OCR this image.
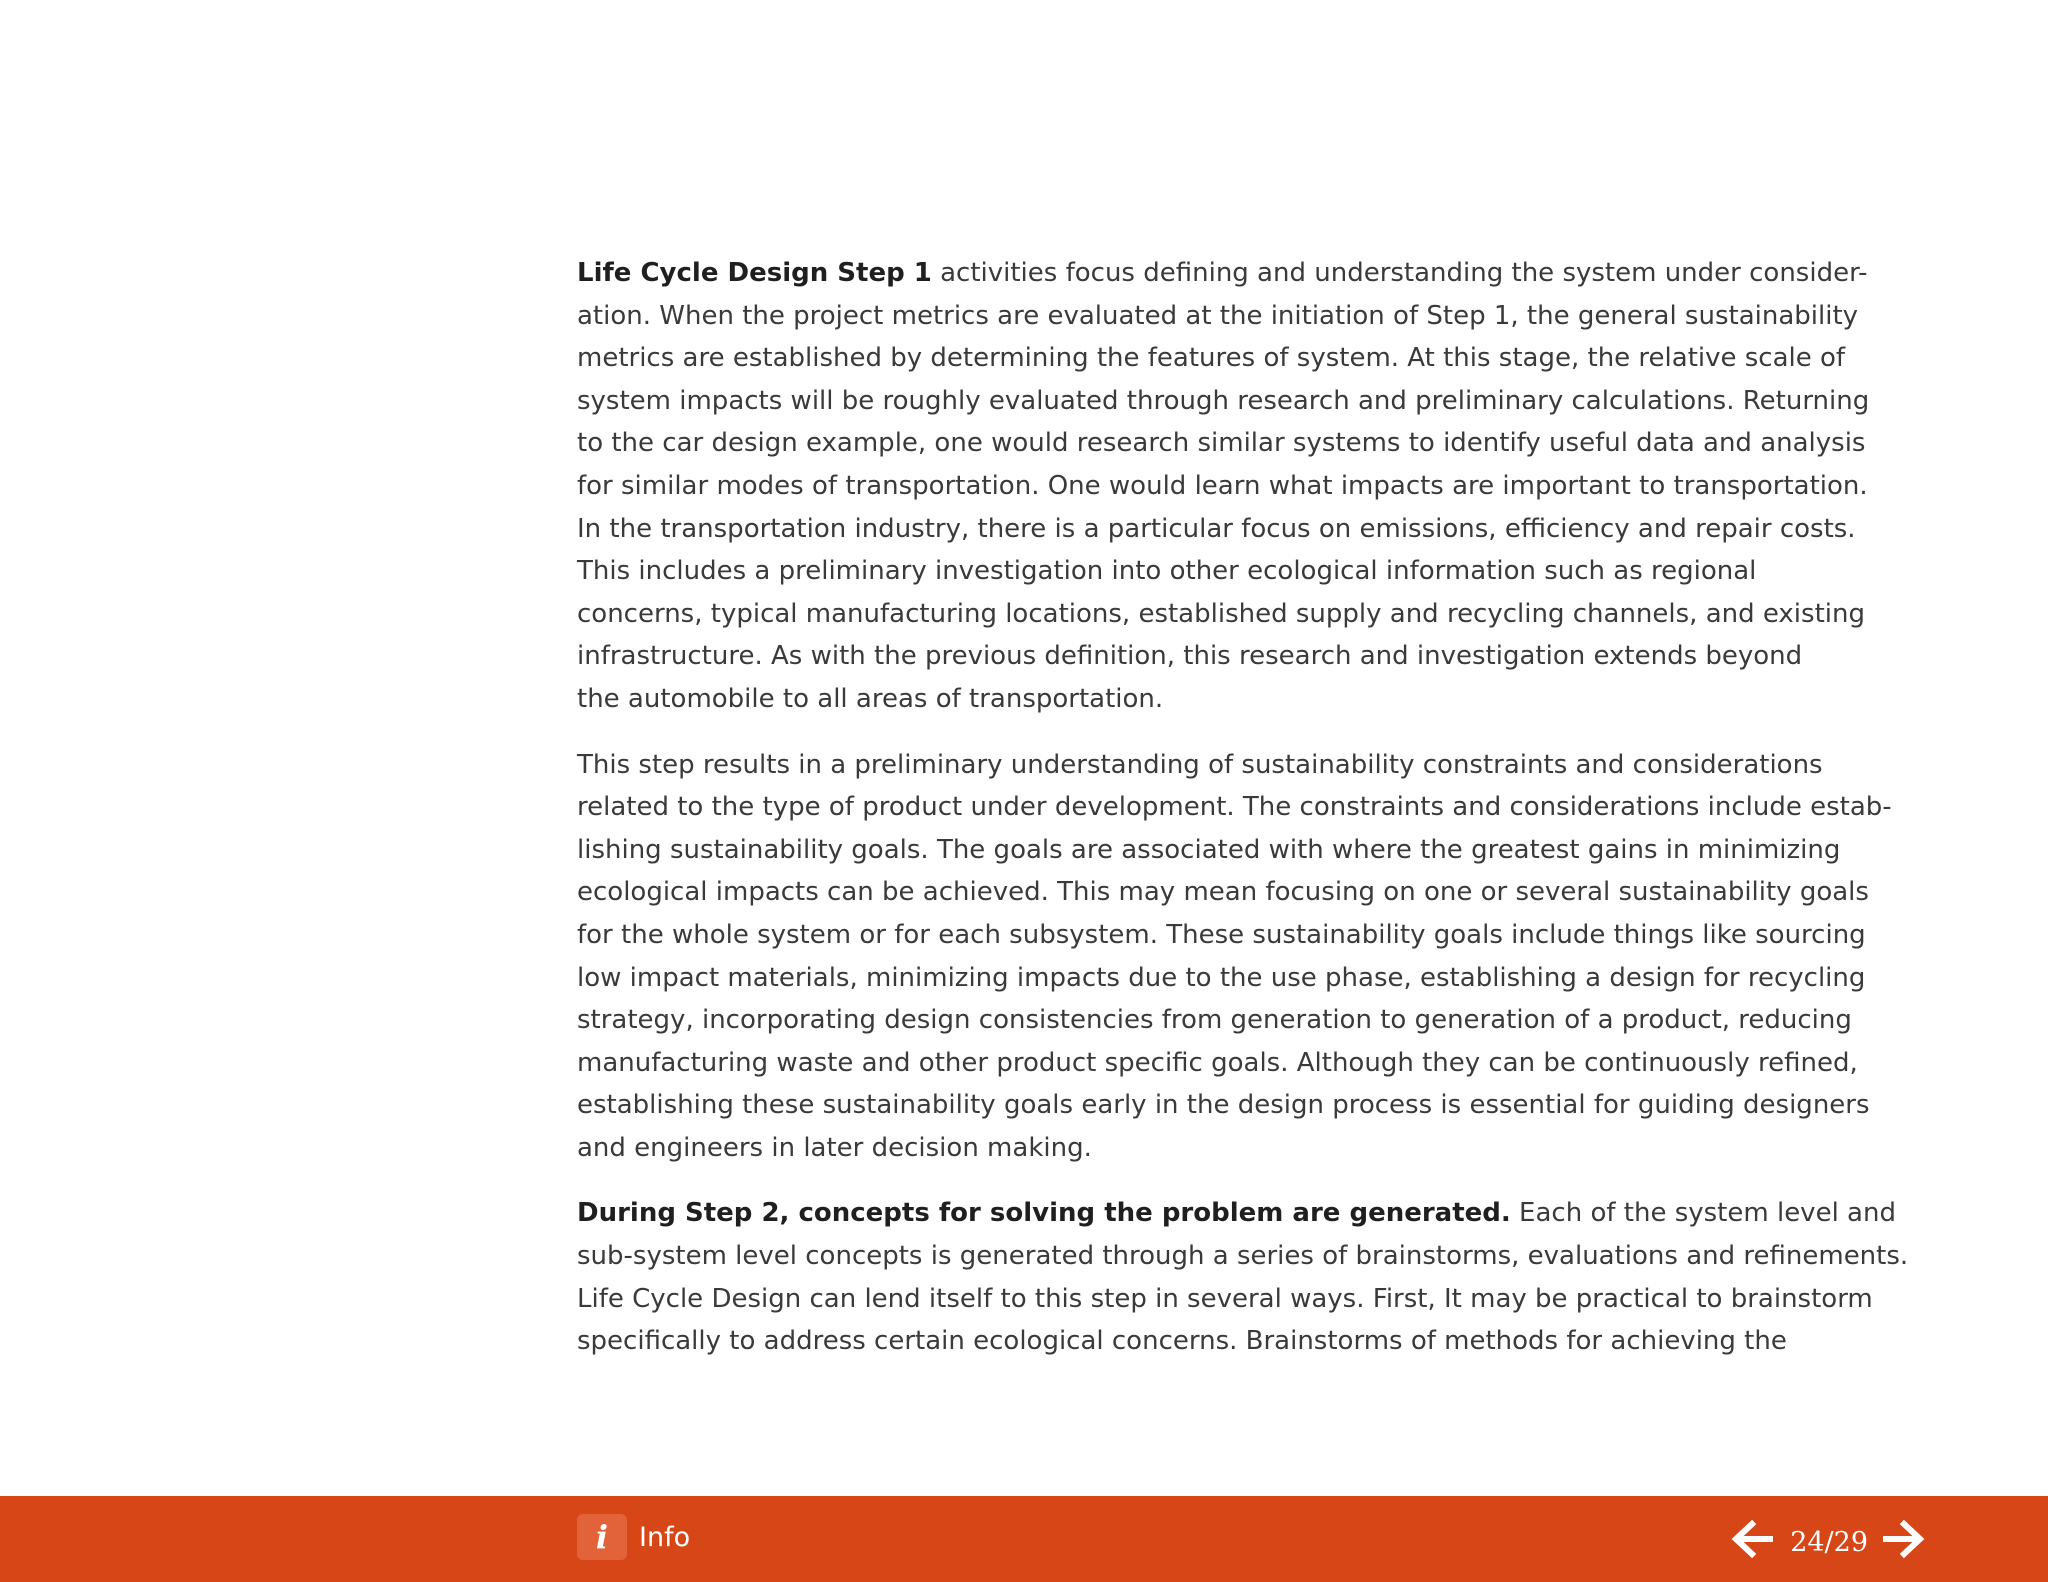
Life Cycle Design Step 1 activities focus defining and understanding the system under consider-
ation. When the project metrics are evaluated at the initiation of Step 1, the general sustainability
metrics are established by determining the features of system. At this stage, the relative scale of
system impacts will be roughly evaluated through research and preliminary calculations. Returning
to the car design example, one would research similar systems to identify useful data and analysis
for similar modes of transportation. One would learn what impacts are important to transportation.
In the transportation industry, there is a particular focus on emissions, efficiency and repair costs.
This includes a preliminary investigation into other ecological information such as regional
concerns, typical manufacturing locations, established supply and recycling channels, and existing
infrastructure. As with the previous definition, this research and investigation extends beyond
the automobile to all areas of transportation.

This step results in a preliminary understanding of sustainability constraints and considerations
related to the type of product under development. The constraints and considerations include estab-
lishing sustainability goals. The goals are associated with where the greatest gains in minimizing
ecological impacts can be achieved. This may mean focusing on one or several sustainability goals
for the whole system or for each subsystem. These sustainability goals include things like sourcing
low impact materials, minimizing impacts due to the use phase, establishing a design for recycling
strategy, incorporating design consistencies from generation to generation of a product, reducing
manufacturing waste and other product specific goals. Although they can be continuously refined,
establishing these sustainability goals early in the design process is essential for guiding designers
and engineers in later decision making.

During Step 2, concepts for solving the problem are generated. Each of the system level and
sub-system level concepts is generated through a series of brainstorms, evaluations and refinements.
Life Cycle Design can lend itself to this step in several ways. First, It may be practical to brainstorm
specifically to address certain ecological concerns. Brainstorms of methods for achieving the

i	Info	24/29
